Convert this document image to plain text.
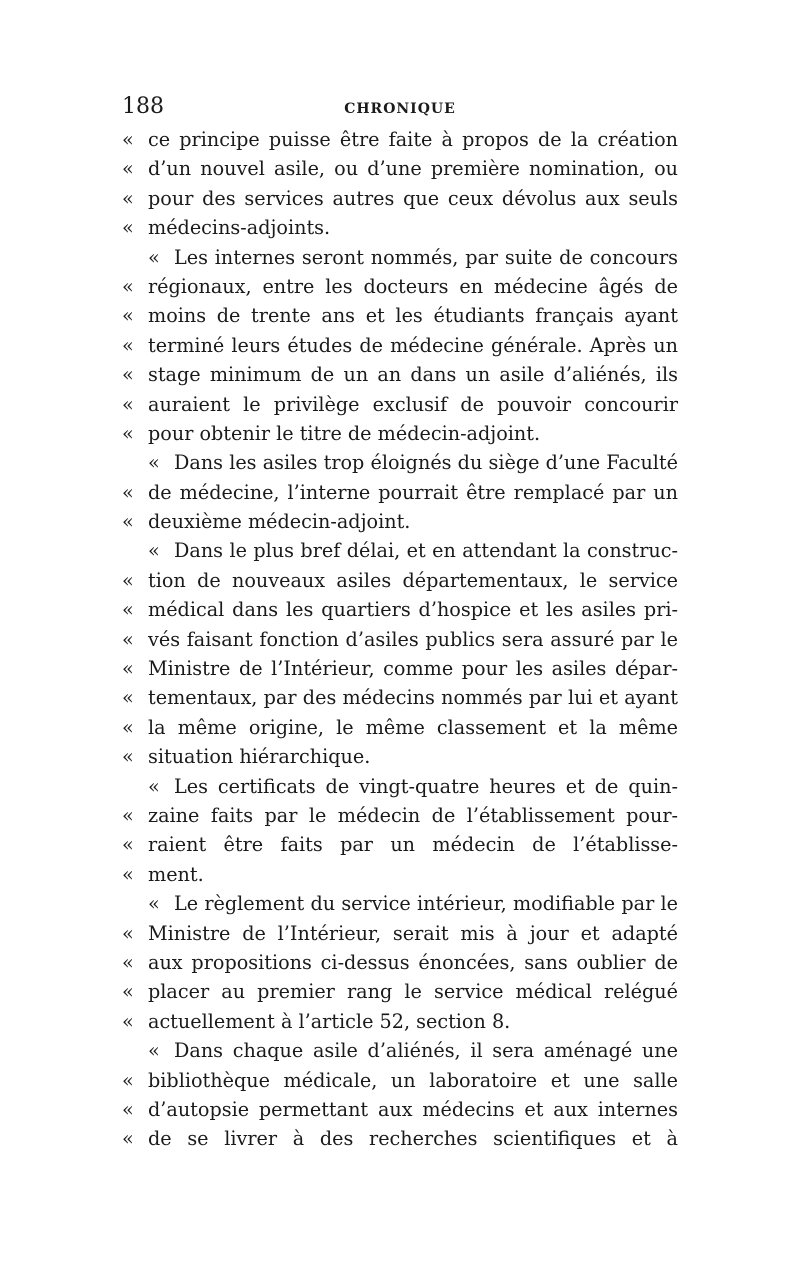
188	CHRONIQUE
« ce principe puisse être faite à propos de la création
« d’un nouvel asile, ou d’une première nomination, ou
« pour des services autres que ceux dévolus aux seuls
« médecins-adjoints.
« Les internes seront nommés, par suite de concours
« régionaux, entre les docteurs en médecine âgés de
« moins de trente ans et les étudiants français ayant
« terminé leurs études de médecine générale. Après un
« stage minimum de un an dans un asile d’aliénés, ils
« auraient le privilège exclusif de pouvoir concourir
« pour obtenir le titre de médecin-adjoint.
« Dans les asiles trop éloignés du siège d’une Faculté
« de médecine, l’interne pourrait être remplacé par un
« deuxième médecin-adjoint.
« Dans le plus bref délai, et en attendant la construc-
« tion de nouveaux asiles départementaux, le service
« médical dans les quartiers d’hospice et les asiles pri-
« vés faisant fonction d’asiles publics sera assuré par le
« Ministre de l’Intérieur, comme pour les asiles dépar-
« tementaux, par des médecins nommés par lui et ayant
« la même origine, le même classement et la même
« situation hiérarchique.
« Les certificats de vingt-quatre heures et de quin-
« zaine faits par le médecin de l’établissement pour-
« raient être faits par un médecin de l’établisse-
« ment.
« Le règlement du service intérieur, modifiable par le
« Ministre de l’Intérieur, serait mis à jour et adapté
« aux propositions ci-dessus énoncées, sans oublier de
« placer au premier rang le service médical relégué
« actuellement à l’article 52, section 8.
« Dans chaque asile d’aliénés, il sera aménagé une
« bibliothèque médicale, un laboratoire et une salle
« d’autopsie permettant aux médecins et aux internes
« de se livrer à des recherches scientifiques et à
